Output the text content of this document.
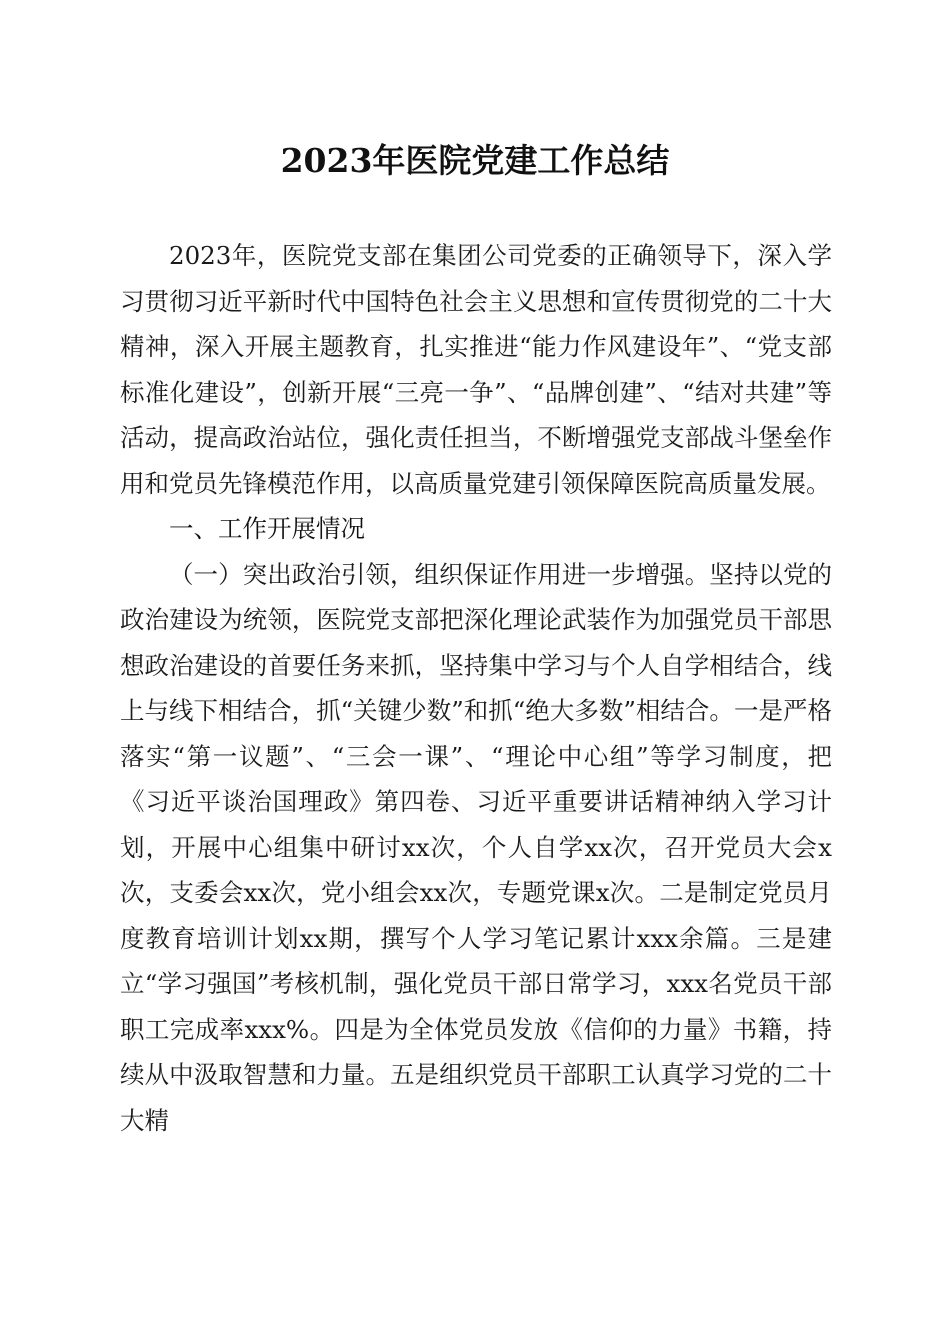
2023年医院党建工作总结

2023年，医院党支部在集团公司党委的正确领导下，深入学习贯彻习近平新时代中国特色社会主义思想和宣传贯彻党的二十大精神，深入开展主题教育，扎实推进“能力作风建设年”、“党支部标准化建设”，创新开展“三亮一争”、“品牌创建”、“结对共建”等活动，提高政治站位，强化责任担当，不断增强党支部战斗堡垒作用和党员先锋模范作用，以高质量党建引领保障医院高质量发展。

一、工作开展情况

（一）突出政治引领，组织保证作用进一步增强。坚持以党的政治建设为统领，医院党支部把深化理论武装作为加强党员干部思想政治建设的首要任务来抓，坚持集中学习与个人自学相结合，线上与线下相结合，抓“关键少数”和抓“绝大多数”相结合。一是严格落实“第一议题”、“三会一课”、“理论中心组”等学习制度，把《习近平谈治国理政》第四卷、习近平重要讲话精神纳入学习计划，开展中心组集中研讨xx次，个人自学xx次，召开党员大会x次，支委会xx次，党小组会xx次，专题党课x次。二是制定党员月度教育培训计划xx期，撰写个人学习笔记累计xxx余篇。三是建立“学习强国”考核机制，强化党员干部日常学习，xxx名党员干部职工完成率xxx%。四是为全体党员发放《信仰的力量》书籍，持续从中汲取智慧和力量。五是组织党员干部职工认真学习党的二十大精
